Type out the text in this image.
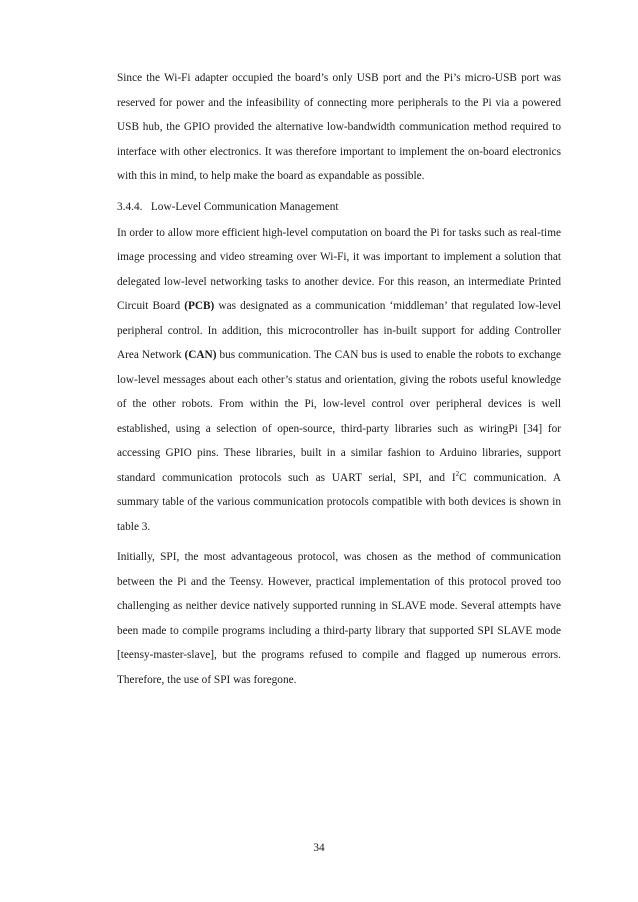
Since the Wi-Fi adapter occupied the board’s only USB port and the Pi’s micro-USB port was reserved for power and the infeasibility of connecting more peripherals to the Pi via a powered USB hub, the GPIO provided the alternative low-bandwidth communication method required to interface with other electronics. It was therefore important to implement the on-board electronics with this in mind, to help make the board as expandable as possible.

3.4.4. Low-Level Communication Management

In order to allow more efficient high-level computation on board the Pi for tasks such as real-time image processing and video streaming over Wi-Fi, it was important to implement a solution that delegated low-level networking tasks to another device. For this reason, an intermediate Printed Circuit Board (PCB) was designated as a communication ‘middleman’ that regulated low-level peripheral control. In addition, this microcontroller has in-built support for adding Controller Area Network (CAN) bus communication. The CAN bus is used to enable the robots to exchange low-level messages about each other’s status and orientation, giving the robots useful knowledge of the other robots. From within the Pi, low-level control over peripheral devices is well established, using a selection of open-source, third-party libraries such as wiringPi [34] for accessing GPIO pins. These libraries, built in a similar fashion to Arduino libraries, support standard communication protocols such as UART serial, SPI, and $I^2C$ communication. A summary table of the various communication protocols compatible with both devices is shown in table 3.

Initially, SPI, the most advantageous protocol, was chosen as the method of communication between the Pi and the Teensy. However, practical implementation of this protocol proved too challenging as neither device natively supported running in SLAVE mode. Several attempts have been made to compile programs including a third-party library that supported SPI SLAVE mode [teensy-master-slave], but the programs refused to compile and flagged up numerous errors. Therefore, the use of SPI was foregone.

34
